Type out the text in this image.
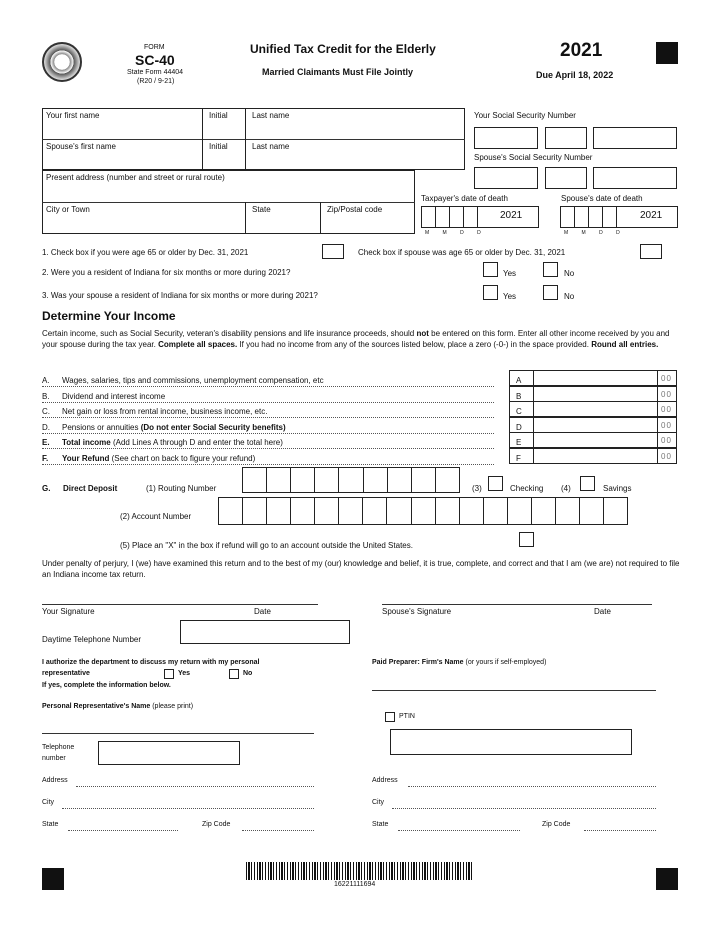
FORM
SC-40
State Form 44404
(R20 / 9-21)
Unified Tax Credit for the Elderly
Married Claimants Must File Jointly
2021
Due April 18, 2022
Your first name	Initial	Last name
Spouse's first name	Initial	Last name
Present address (number and street or rural route)
City or Town	State	Zip/Postal code
Your Social Security Number
Spouse's Social Security Number
Taxpayer's date of death
2021
M M D D
Spouse's date of death
2021
M M D D
1. Check box if you were age 65 or older by Dec. 31, 2021	Check box if spouse was age 65 or older by Dec. 31, 2021
2. Were you a resident of Indiana for six months or more during 2021?	Yes	No
3. Was your spouse a resident of Indiana for six months or more during 2021?	Yes	No
Determine Your Income
Certain income, such as Social Security, veteran's disability pensions and life insurance proceeds, should not be entered on this form. Enter all other income received by you and your spouse during the tax year. Complete all spaces. If you had no income from any of the sources listed below, place a zero (-0-) in the space provided. Round all entries.
A. Wages, salaries, tips and commissions, unemployment compensation, etc	A	00
B. Dividend and interest income	B	00
C. Net gain or loss from rental income, business income, etc.	C	00
D. Pensions or annuities (Do not enter Social Security benefits)	D	00
E. Total income (Add Lines A through D and enter the total here)	E	00
F. Your Refund (See chart on back to figure your refund)	F	00
G. Direct Deposit	(1) Routing Number	(3)	Checking (4)	Savings
(2) Account Number
(5) Place an "X" in the box if refund will go to an account outside the United States.
Under penalty of perjury, I (we) have examined this return and to the best of my (our) knowledge and belief, it is true, complete, and correct and that I am (we are) not required to file an Indiana income tax return.
Your Signature	Date	Spouse's Signature	Date
Daytime Telephone Number
I authorize the department to discuss my return with my personal
representative	Yes	No
If yes, complete the information below.
Personal Representative's Name (please print)
Telephone
number
Address
City
State	Zip Code
Paid Preparer: Firm's Name (or yours if self-employed)
PTIN
Address
City
State	Zip Code
16221111694
